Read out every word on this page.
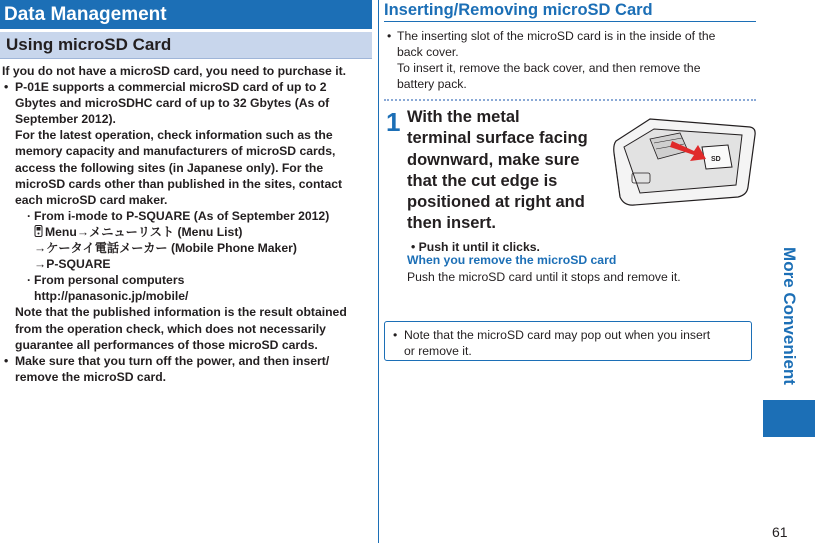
Data Management
Using microSD Card
If you do not have a microSD card, you need to purchase it.
• P-01E supports a commercial microSD card of up to 2
Gbytes and microSDHC card of up to 32 Gbytes (As of
September 2012).
For the latest operation, check information such as the
memory capacity and manufacturers of microSD cards,
access the following sites (in Japanese only). For the
microSD cards other than published in the sites, contact
each microSD card maker.
· From i-mode to P-SQUARE (As of September 2012)
Menu→メニューリスト (Menu List)
→ケータイ電話メーカー (Mobile Phone Maker)
→P-SQUARE
· From personal computers
http://panasonic.jp/mobile/
Note that the published information is the result obtained
from the operation check, which does not necessarily
guarantee all performances of those microSD cards.
• Make sure that you turn off the power, and then insert/
remove the microSD card.
Inserting/Removing microSD Card
• The inserting slot of the microSD card is in the inside of the
back cover.
To insert it, remove the back cover, and then remove the
battery pack.
1 With the metal
terminal surface facing
downward, make sure
that the cut edge is
positioned at right and
then insert.
• Push it until it clicks.
SD
When you remove the microSD card
Push the microSD card until it stops and remove it.
• Note that the microSD card may pop out when you insert
or remove it.	More Convenient
61
